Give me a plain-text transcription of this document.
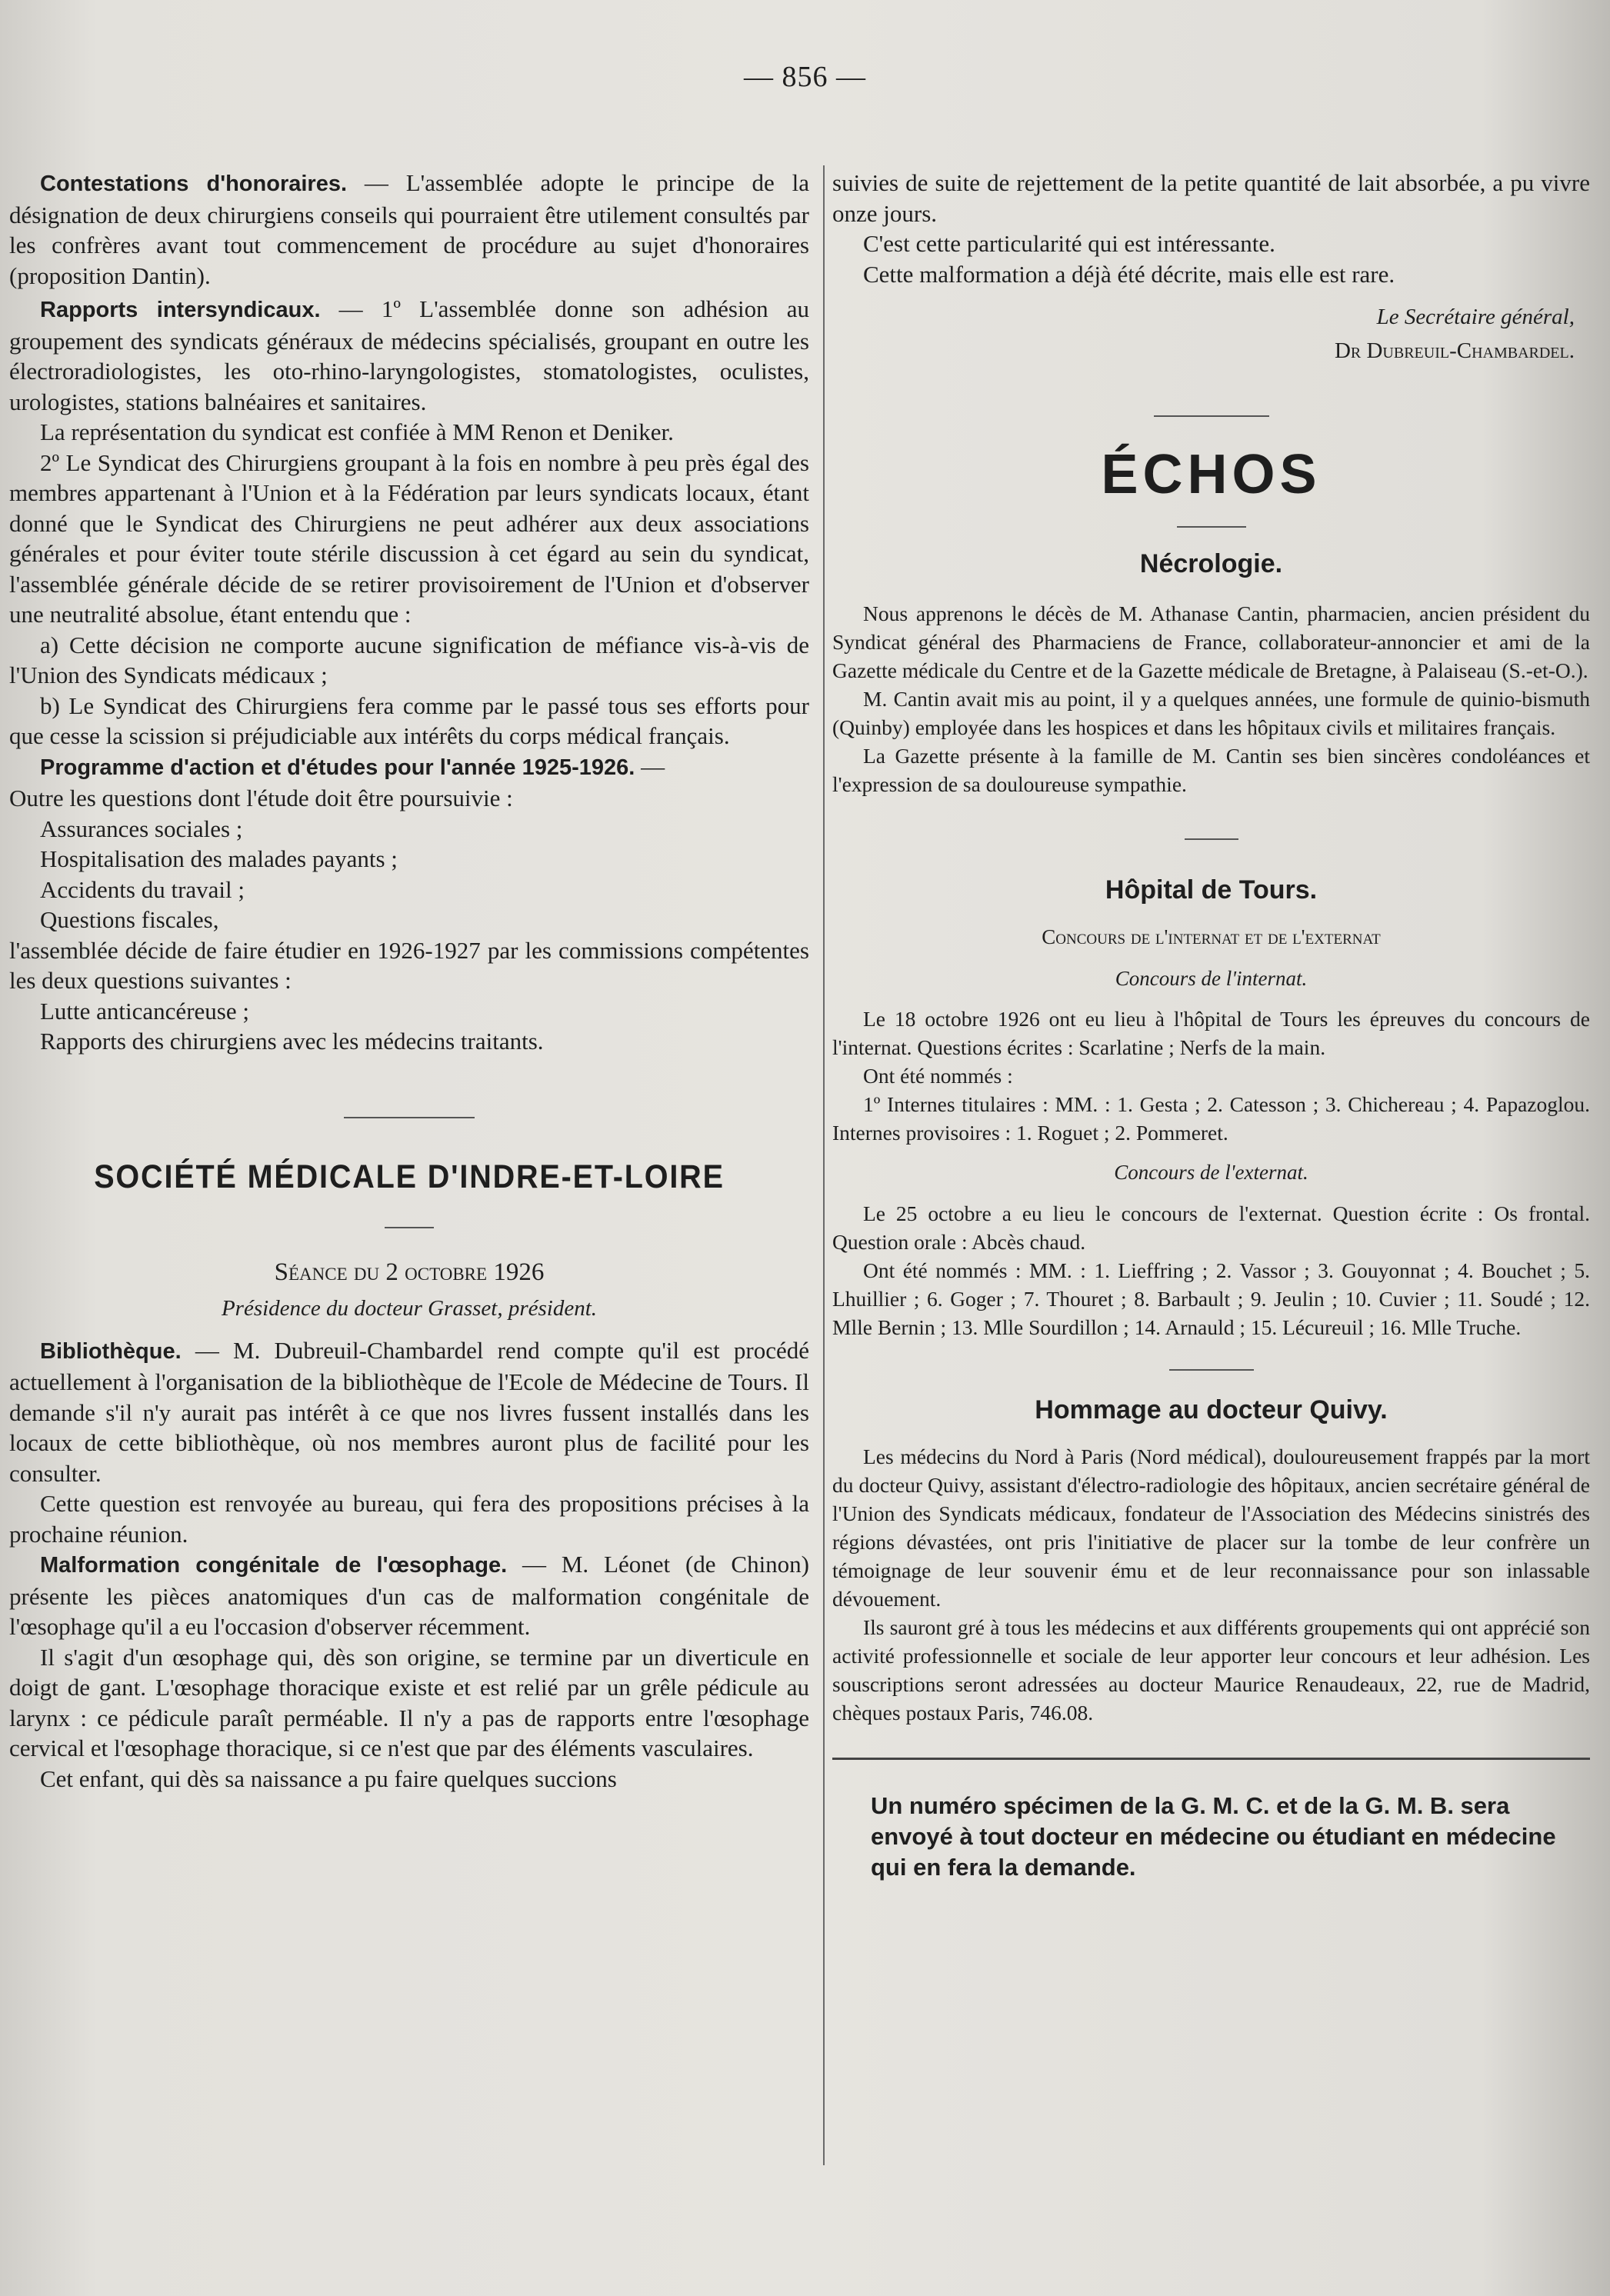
— 856 —

Contestations d'honoraires. — L'assemblée adopte le principe de la désignation de deux chirurgiens conseils qui pourraient être utilement consultés par les confrères avant tout commencement de procédure au sujet d'honoraires (proposition Dantin).

Rapports intersyndicaux. — 1º L'assemblée donne son adhésion au groupement des syndicats généraux de médecins spécialisés, groupant en outre les électroradiologistes, les oto-rhino-laryngologistes, stomatologistes, oculistes, urologistes, stations balnéaires et sanitaires.

La représentation du syndicat est confiée à MM Renon et Deniker.

2º Le Syndicat des Chirurgiens groupant à la fois en nombre à peu près égal des membres appartenant à l'Union et à la Fédération par leurs syndicats locaux, étant donné que le Syndicat des Chirurgiens ne peut adhérer aux deux associations générales et pour éviter toute stérile discussion à cet égard au sein du syndicat, l'assemblée générale décide de se retirer provisoirement de l'Union et d'observer une neutralité absolue, étant entendu que :

a) Cette décision ne comporte aucune signification de méfiance vis-à-vis de l'Union des Syndicats médicaux ;

b) Le Syndicat des Chirurgiens fera comme par le passé tous ses efforts pour que cesse la scission si préjudiciable aux intérêts du corps médical français.

Programme d'action et d'études pour l'année 1925-1926. —

Outre les questions dont l'étude doit être poursuivie :

Assurances sociales ;

Hospitalisation des malades payants ;

Accidents du travail ;

Questions fiscales,

l'assemblée décide de faire étudier en 1926-1927 par les commissions compétentes les deux questions suivantes :

Lutte anticancéreuse ;

Rapports des chirurgiens avec les médecins traitants.

SOCIÉTÉ MÉDICALE D'INDRE-ET-LOIRE

Séance du 2 octobre 1926

Présidence du docteur Grasset, président.

Bibliothèque. — M. Dubreuil-Chambardel rend compte qu'il est procédé actuellement à l'organisation de la bibliothèque de l'Ecole de Médecine de Tours. Il demande s'il n'y aurait pas intérêt à ce que nos livres fussent installés dans les locaux de cette bibliothèque, où nos membres auront plus de facilité pour les consulter.

Cette question est renvoyée au bureau, qui fera des propositions précises à la prochaine réunion.

Malformation congénitale de l'œsophage. — M. Léonet (de Chinon) présente les pièces anatomiques d'un cas de malformation congénitale de l'œsophage qu'il a eu l'occasion d'observer récemment.

Il s'agit d'un œsophage qui, dès son origine, se termine par un diverticule en doigt de gant. L'œsophage thoracique existe et est relié par un grêle pédicule au larynx : ce pédicule paraît perméable. Il n'y a pas de rapports entre l'œsophage cervical et l'œsophage thoracique, si ce n'est que par des éléments vasculaires.

Cet enfant, qui dès sa naissance a pu faire quelques succions

suivies de suite de rejettement de la petite quantité de lait absorbée, a pu vivre onze jours.

C'est cette particularité qui est intéressante.

Cette malformation a déjà été décrite, mais elle est rare.

Le Secrétaire général,
Dr Dubreuil-Chambardel.
ÉCHOS
Nécrologie.

Nous apprenons le décès de M. Athanase Cantin, pharmacien, ancien président du Syndicat général des Pharmaciens de France, collaborateur-annoncier et ami de la Gazette médicale du Centre et de la Gazette médicale de Bretagne, à Palaiseau (S.-et-O.).

M. Cantin avait mis au point, il y a quelques années, une formule de quinio-bismuth (Quinby) employée dans les hospices et dans les hôpitaux civils et militaires français.

La Gazette présente à la famille de M. Cantin ses bien sincères condoléances et l'expression de sa douloureuse sympathie.

Hôpital de Tours.

Concours de l'internat et de l'externat

Concours de l'internat.

Le 18 octobre 1926 ont eu lieu à l'hôpital de Tours les épreuves du concours de l'internat. Questions écrites : Scarlatine ; Nerfs de la main.

Ont été nommés :

1º Internes titulaires : MM. : 1. Gesta ; 2. Catesson ; 3. Chichereau ; 4. Papazoglou. Internes provisoires : 1. Roguet ; 2. Pommeret.

Concours de l'externat.

Le 25 octobre a eu lieu le concours de l'externat. Question écrite : Os frontal. Question orale : Abcès chaud.

Ont été nommés : MM. : 1. Lieffring ; 2. Vassor ; 3. Gouyonnat ; 4. Bouchet ; 5. Lhuillier ; 6. Goger ; 7. Thouret ; 8. Barbault ; 9. Jeulin ; 10. Cuvier ; 11. Soudé ; 12. Mlle Bernin ; 13. Mlle Sourdillon ; 14. Arnauld ; 15. Lécureuil ; 16. Mlle Truche.

Hommage au docteur Quivy.

Les médecins du Nord à Paris (Nord médical), douloureusement frappés par la mort du docteur Quivy, assistant d'électro-radiologie des hôpitaux, ancien secrétaire général de l'Union des Syndicats médicaux, fondateur de l'Association des Médecins sinistrés des régions dévastées, ont pris l'initiative de placer sur la tombe de leur confrère un témoignage de leur souvenir ému et de leur reconnaissance pour son inlassable dévouement.

Ils sauront gré à tous les médecins et aux différents groupements qui ont apprécié son activité professionnelle et sociale de leur apporter leur concours et leur adhésion. Les souscriptions seront adressées au docteur Maurice Renaudeaux, 22, rue de Madrid, chèques postaux Paris, 746.08.

Un numéro spécimen de la G. M. C. et de la G. M. B. sera envoyé à tout docteur en médecine ou étudiant en médecine qui en fera la demande.
